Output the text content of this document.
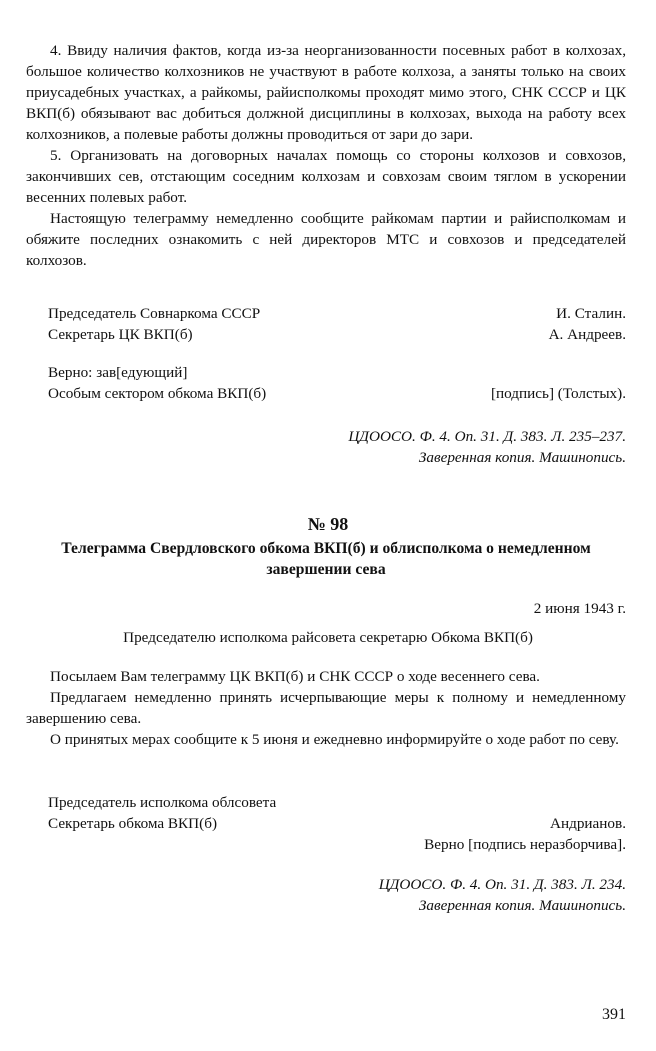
4. Ввиду наличия фактов, когда из-за неорганизованности посевных работ в колхозах, большое количество колхозников не участвуют в работе колхоза, а заняты только на своих приусадебных участках, а райкомы, райисполкомы проходят мимо этого, СНК СССР и ЦК ВКП(б) обязывают вас добиться должной дисциплины в колхозах, выхода на работу всех колхозников, а полевые работы должны проводиться от зари до зари.

5. Организовать на договорных началах помощь со стороны колхозов и совхозов, закончивших сев, отстающим соседним колхозам и совхозам своим тяглом в ускорении весенних полевых работ.

Настоящую телеграмму немедленно сообщите райкомам партии и райисполкомам и обяжите последних ознакомить с ней директоров МТС и совхозов и председателей колхозов.

Председатель Совнаркома СССР	И. Сталин.
Секретарь ЦК ВКП(б)	А. Андреев.
Верно: зав[едующий]
Особым сектором обкома ВКП(б)	[подпись] (Толстых).
ЦДООСО. Ф. 4. Оп. 31. Д. 383. Л. 235–237.
Заверенная копия. Машинопись.
№ 98
Телеграмма Свердловского обкома ВКП(б) и облисполкома о немедленном
завершении сева
2 июня 1943 г.
Председателю исполкома райсовета секретарю Обкома ВКП(б)

Посылаем Вам телеграмму ЦК ВКП(б) и СНК СССР о ходе весеннего сева.

Предлагаем немедленно принять исчерпывающие меры к полному и немедленному завершению сева.

О принятых мерах сообщите к 5 июня и ежедневно информируйте о ходе работ по севу.

Председатель исполкома облсовета
Секретарь обкома ВКП(б)	Андрианов.
Верно [подпись неразборчива].
ЦДООСО. Ф. 4. Оп. 31. Д. 383. Л. 234.
Заверенная копия. Машинопись.
391
